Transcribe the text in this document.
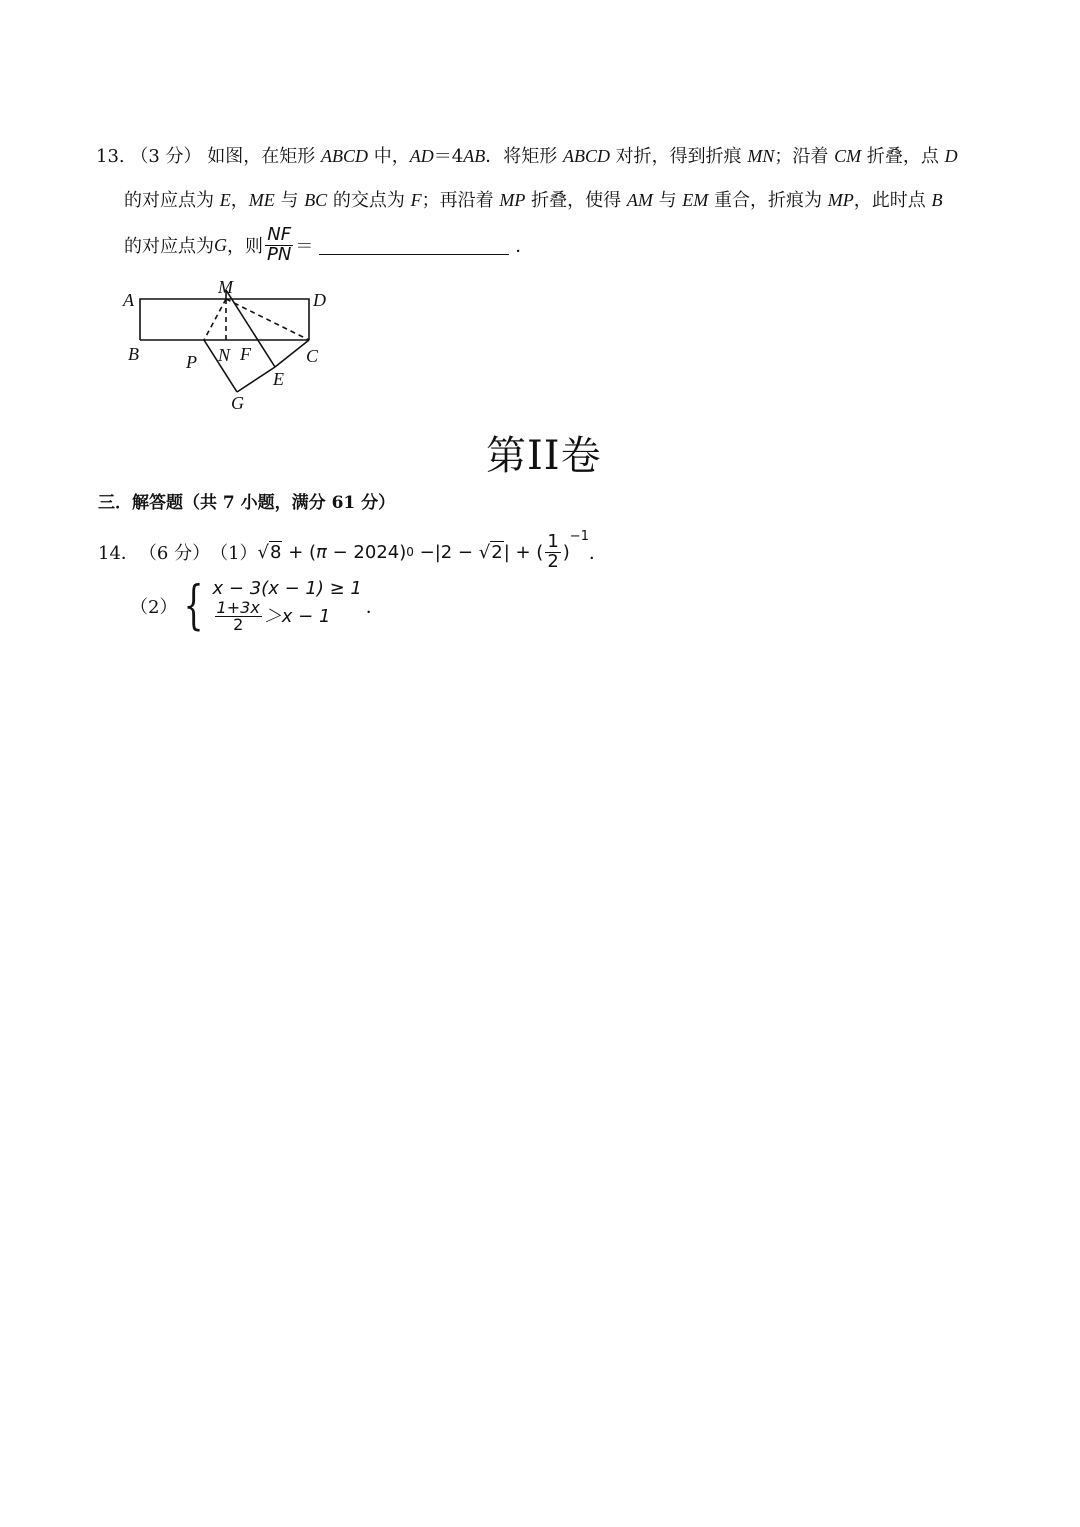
13. （3 分） 如图，在矩形 ABCD 中，AD＝4AB．将矩形 ABCD 对折，得到折痕 MN；沿着 CM 折叠，点 D
的对应点为 E，ME 与 BC 的交点为 F；再沿着 MP 折叠，使得 AM 与 EM 重合，折痕为 MP，此时点 B
的对应点为 G ，则 $\frac{NF}{PN}$ ＝	．
A
M
D
B	P N F	C
E
G
第II卷
三．解答题（共 7 小题，满分 61 分）
14． （6 分） （1） √ 8 + ( π − 2024) 0 −|2 − √ 2 | + ( $\frac{1}{2}$ )
−1
．
（2） { x − 3(x − 1) ≥ 1
$\frac{1+3x}{2} >x - 1$ ．
